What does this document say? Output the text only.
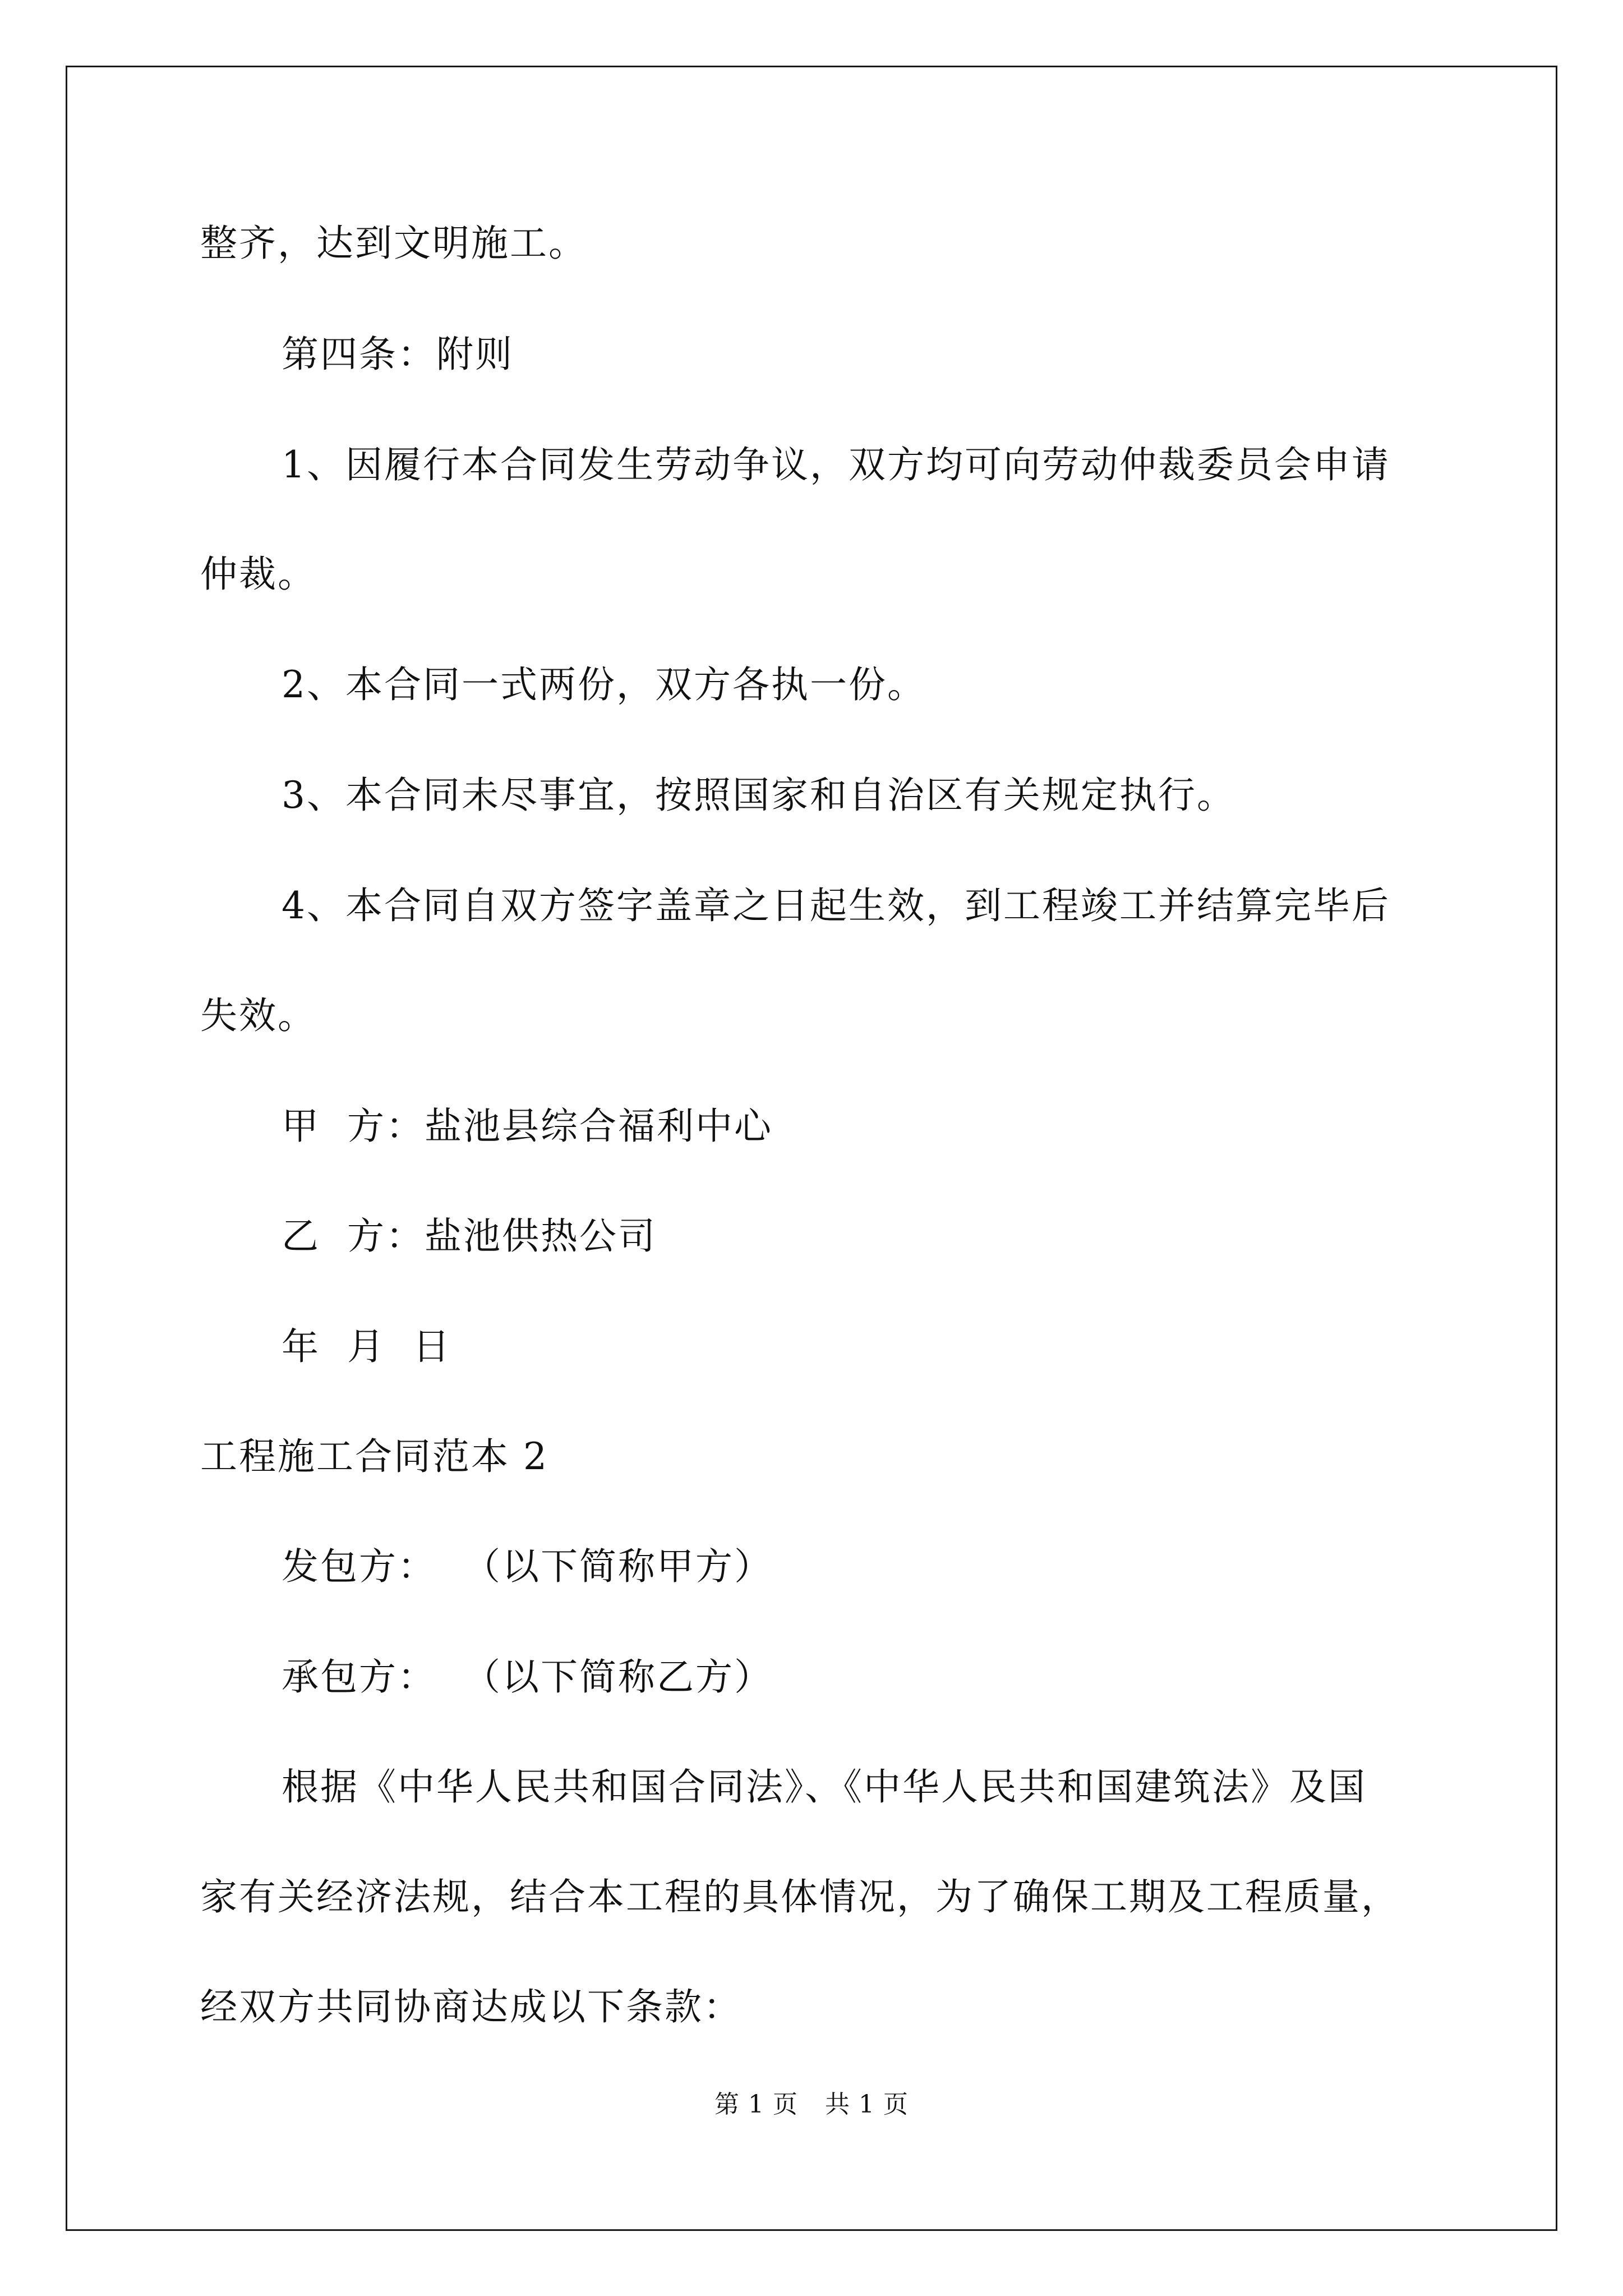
整齐，达到文明施工。
第四条：附则
1、因履行本合同发生劳动争议，双方均可向劳动仲裁委员会申请
仲裁。
2、本合同一式两份，双方各执一份。
3、本合同未尽事宜，按照国家和自治区有关规定执行。
4、本合同自双方签字盖章之日起生效，到工程竣工并结算完毕后
失效。
甲  方：盐池县综合福利中心
乙  方：盐池供热公司
年  月  日
工程施工合同范本 2
发包方：  （以下简称甲方）
承包方：  （以下简称乙方）
根据《中华人民共和国合同法》、《中华人民共和国建筑法》及国
家有关经济法规，结合本工程的具体情况，为了确保工期及工程质量，
经双方共同协商达成以下条款：
第 1 页 共 1 页
